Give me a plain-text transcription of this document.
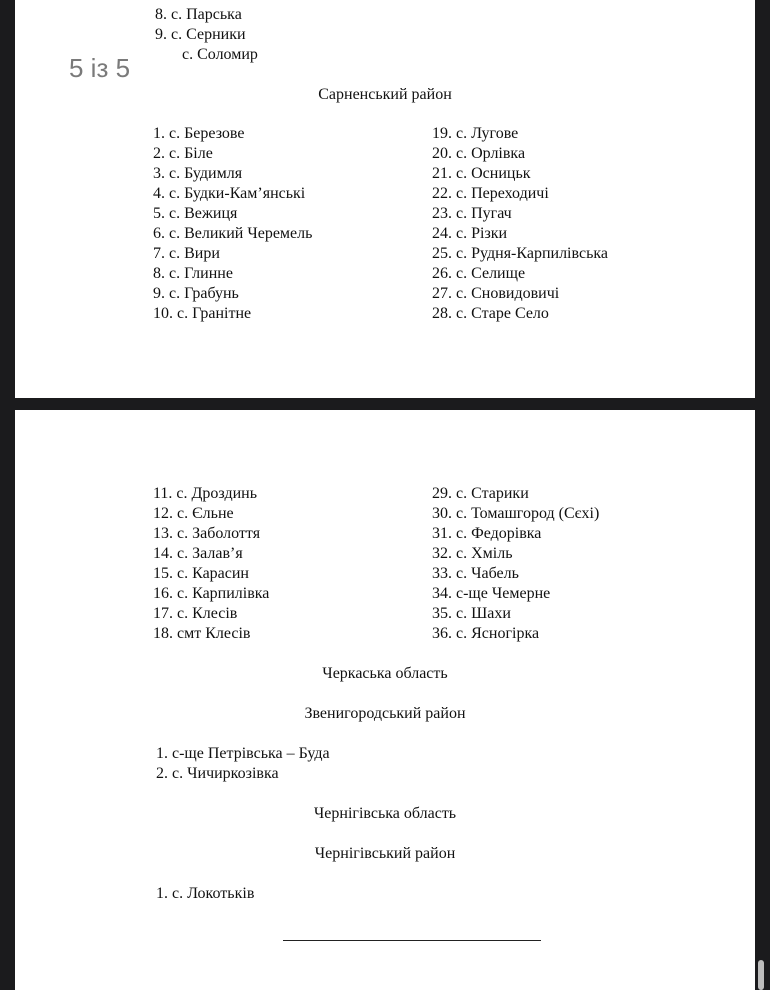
8. с. Парська
9. с. Серники
с. Соломир
Сарненський район
1. с. Березове
2. с. Біле
3. с. Будимля
4. с. Будки-Кам’янські
5. с. Вежиця
6. с. Великий Черемель
7. с. Вири
8. с. Глинне
9. с. Грабунь
10. с. Гранітне
19. с. Лугове
20. с. Орлівка
21. с. Осницьк
22. с. Переходичі
23. с. Пугач
24. с. Різки
25. с. Рудня-Карпилівська
26. с. Селище
27. с. Сновидовичі
28. с. Старе Село
11. с. Дроздинь
12. с. Єльне
13. с. Заболоття
14. с. Залав’я
15. с. Карасин
16. с. Карпилівка
17. с. Клесів
18. смт Клесів
29. с. Старики
30. с. Томашгород (Сєхі)
31. с. Федорівка
32. с. Хміль
33. с. Чабель
34. с-ще Чемерне
35. с. Шахи
36. с. Ясногірка
Черкаська область
Звенигородський район
1. с-ще Петрівська – Буда
2. с. Чичиркозівка
Чернігівська область
Чернігівський район
1. с. Локотьків
5 із 5
